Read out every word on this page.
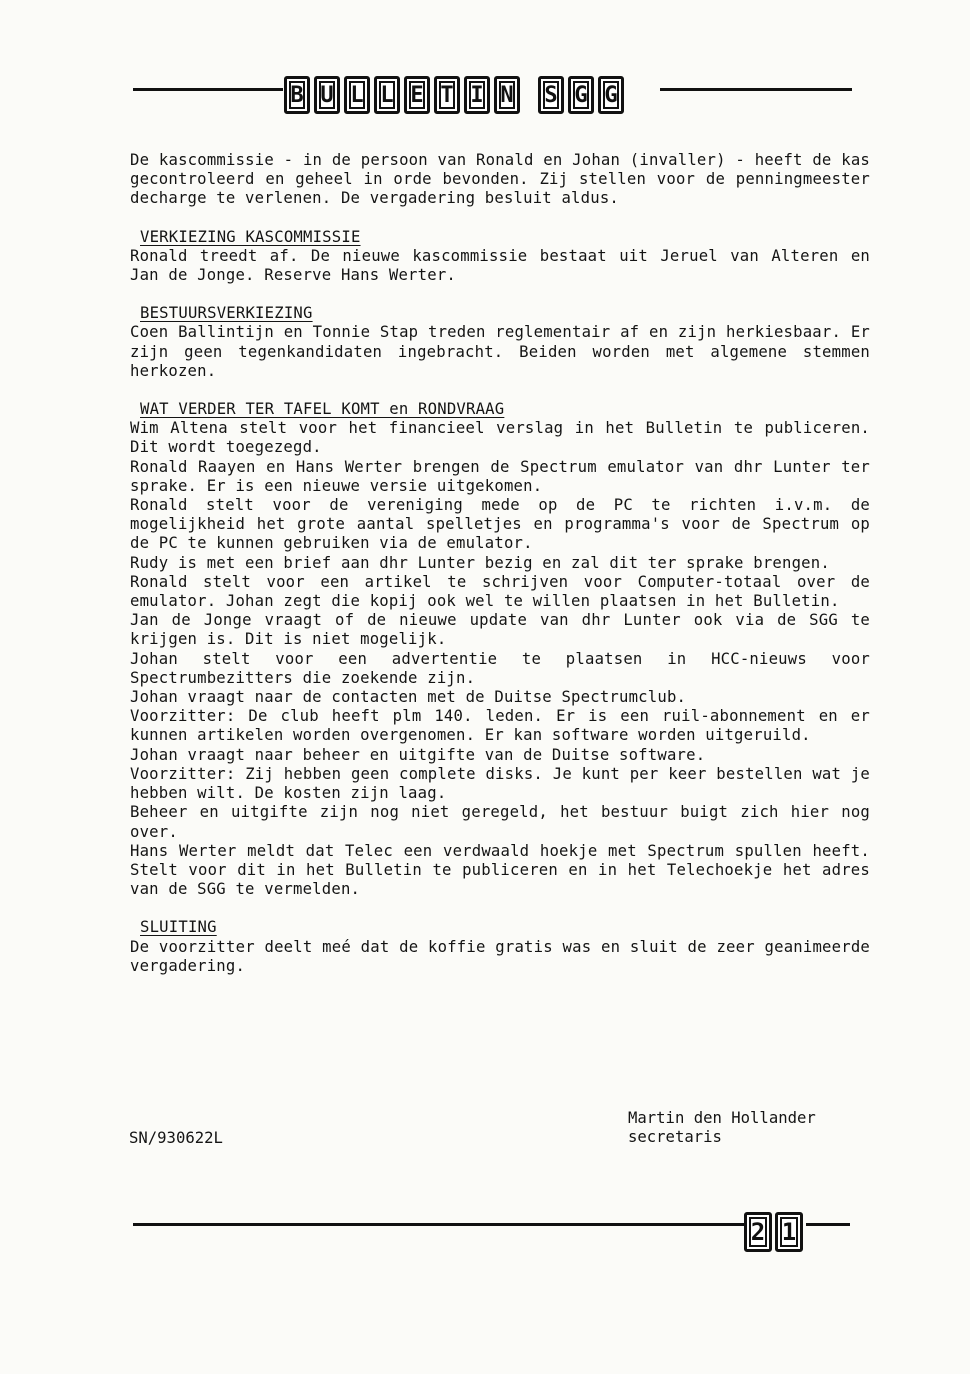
B U L L E T I N S G G

De kascommissie - in de persoon van Ronald en Johan (invaller) - heeft de kas gecontroleerd en geheel in orde bevonden. Zij stellen voor de penningmeester decharge te verlenen. De vergadering besluit aldus.

VERKIEZING KASCOMMISSIE

Ronald treedt af. De nieuwe kascommissie bestaat uit Jeruel van Alteren en Jan de Jonge. Reserve Hans Werter.

BESTUURSVERKIEZING

Coen Ballintijn en Tonnie Stap treden reglementair af en zijn herkiesbaar. Er zijn geen tegenkandidaten ingebracht. Beiden worden met algemene stemmen herkozen.

WAT VERDER TER TAFEL KOMT en RONDVRAAG

Wim Altena stelt voor het financieel verslag in het Bulletin te publiceren. Dit wordt toegezegd.

Ronald Raayen en Hans Werter brengen de Spectrum emulator van dhr Lunter ter sprake. Er is een nieuwe versie uitgekomen.

Ronald stelt voor de vereniging mede op de PC te richten i.v.m. de mogelijkheid het grote aantal spelletjes en programma's voor de Spectrum op de PC te kunnen gebruiken via de emulator.

Rudy is met een brief aan dhr Lunter bezig en zal dit ter sprake brengen.

Ronald stelt voor een artikel te schrijven voor Computer-totaal over de emulator. Johan zegt die kopij ook wel te willen plaatsen in het Bulletin.

Jan de Jonge vraagt of de nieuwe update van dhr Lunter ook via de SGG te krijgen is. Dit is niet mogelijk.

Johan stelt voor een advertentie te plaatsen in HCC-nieuws voor Spectrumbezitters die zoekende zijn.

Johan vraagt naar de contacten met de Duitse Spectrumclub.

Voorzitter: De club heeft plm 140. leden. Er is een ruil-abonnement en er kunnen artikelen worden overgenomen. Er kan software worden uitgeruild.

Johan vraagt naar beheer en uitgifte van de Duitse software.

Voorzitter: Zij hebben geen complete disks. Je kunt per keer bestellen wat je hebben wilt. De kosten zijn laag.

Beheer en uitgifte zijn nog niet geregeld, het bestuur buigt zich hier nog over.

Hans Werter meldt dat Telec een verdwaald hoekje met Spectrum spullen heeft. Stelt voor dit in het Bulletin te publiceren en in het Telechoekje het adres van de SGG te vermelden.

SLUITING

De voorzitter deelt meé dat de koffie gratis was en sluit de zeer geanimeerde vergadering.

Martin den Hollander
secretaris
SN/930622L
2 1
